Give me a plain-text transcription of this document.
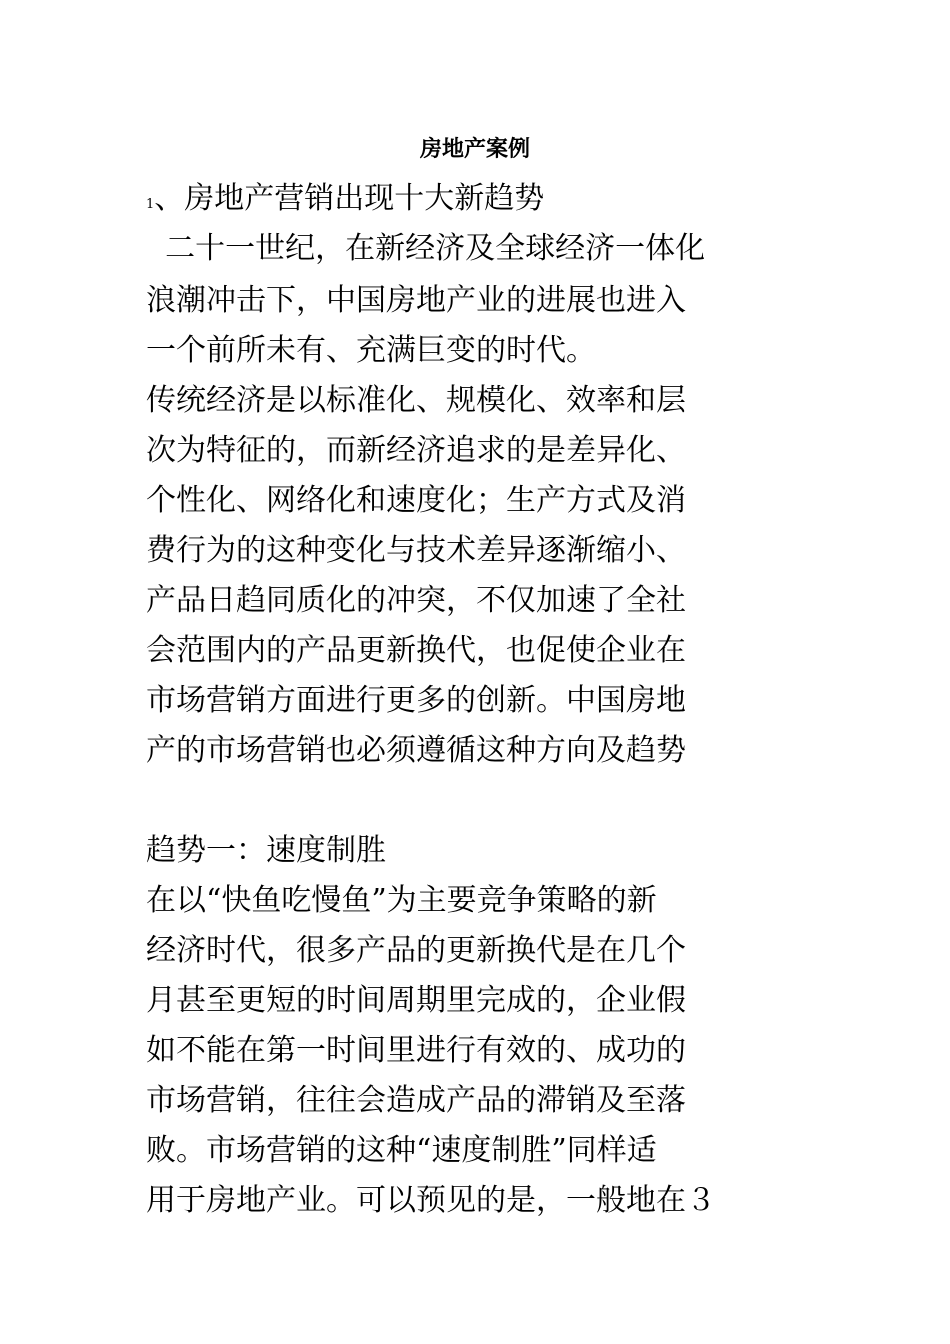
房地产案例
1、房地产营销出现十大新趋势
二十一世纪，在新经济及全球经济一体化
浪潮冲击下，中国房地产业的进展也进入
一个前所未有、充满巨变的时代。
传统经济是以标准化、规模化、效率和层
次为特征的，而新经济追求的是差异化、
个性化、网络化和速度化；生产方式及消
费行为的这种变化与技术差异逐渐缩小、
产品日趋同质化的冲突，不仅加速了全社
会范围内的产品更新换代，也促使企业在
市场营销方面进行更多的创新。中国房地
产的市场营销也必须遵循这种方向及趋势
趋势一：速度制胜
在以“快鱼吃慢鱼”为主要竞争策略的新
经济时代，很多产品的更新换代是在几个
月甚至更短的时间周期里完成的，企业假
如不能在第一时间里进行有效的、成功的
市场营销，往往会造成产品的滞销及至落
败。市场营销的这种“速度制胜”同样适
用于房地产业。可以预见的是，一般地在３
